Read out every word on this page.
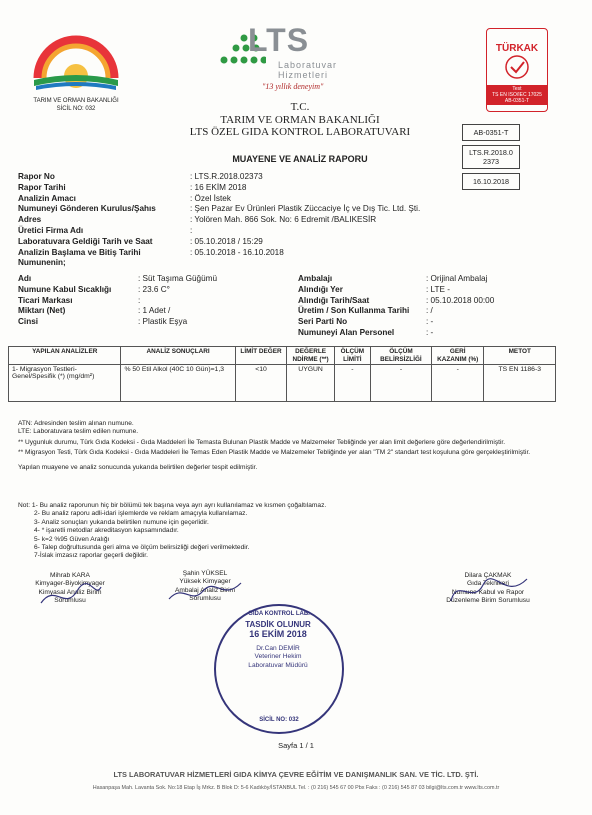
TARIM VE ORMAN BAKANLIĞI
SİCİL NO: 032
LTS
Laboratuvar
Hizmetleri
"13 yıllık deneyim"
TÜRKAK
Test
TS EN ISO/IEC 17025
AB-0351-T
T.C.
TARIM VE ORMAN BAKANLIĞI
LTS ÖZEL GIDA KONTROL LABORATUVARI
MUAYENE VE ANALİZ RAPORU
AB-0351-T
LTS.R.2018.0
2373
16.10.2018
Rapor No	: LTS.R.2018.02373
Rapor Tarihi	: 16 EKİM 2018
Analizin Amacı	: Özel İstek
Numuneyi Gönderen Kurulus/Şahıs	: Şen Pazar Ev Ürünleri Plastik Züccaciye İç ve Dış Tic. Ltd. Şti.
Adres	: Yolören Mah. 866 Sok. No: 6 Edremit /BALIKESİR
Üretici Firma Adı	:
Laboratuvara Geldiği Tarih ve Saat	: 05.10.2018 / 15:29
Analizin Başlama ve Bitiş Tarihi	: 05.10.2018 - 16.10.2018
Numunenin;	
Adı	: Süt Taşıma Güğümü

Numune Kabul Sıcaklığı	: 23.6 C°
Ticari Markası	:
Miktarı (Net)	: 1 Adet /
Cinsi	: Plastik Eşya
Ambalajı	: Orijinal Ambalaj
Alındığı Yer	: LTE -
Alındığı Tarih/Saat	: 05.10.2018 00:00

Üretim / Son Kullanma Tarihi	: /
Seri Parti No	: -
Numuneyi Alan Personel	: -
YAPILAN ANALİZLER	ANALİZ SONUÇLARI	LİMİT DEĞER	DEĞERLE NDİRME (**)	ÖLÇÜM LİMİTİ	ÖLÇÜM BELİRSİZLİĞİ	GERİ KAZANIM (%)	METOT
1- Migrasyon Testleri-Genel/Spesifik (*) (mg/dm²)	% 50 Etil Alkol (40C 10 Gün)=1,3	<10	UYGUN	-	-	-	TS EN 1186-3
ATN: Adresinden teslim alınan numune.
LTE: Laboratuvara teslim edilen numune.
** Uygunluk durumu, Türk Gıda Kodeksi - Gıda Maddeleri İle Temasta Bulunan Plastik Madde ve Malzemeler Tebliğinde yer alan limit değerlere göre değerlendirilmiştir.
** Migrasyon Testi, Türk Gıda Kodeksi - Gıda Maddeleri İle Temas Eden Plastik Madde ve Malzemeler Tebliğinde yer alan "TM 2" standart test koşuluna göre gerçekleştirilmiştir.
Yapılan muayene ve analiz sonucunda yukarıda belirtilen değerler tespit edilmiştir.
Not: 1- Bu analiz raporunun hiç bir bölümü tek başına veya ayrı ayrı kullanılamaz ve kısmen çoğaltılamaz.
2- Bu analiz raporu adli-idari işlemlerde ve reklam amaçıyla kullanılamaz.
3- Analiz sonuçları yukarıda belirtilen numune için geçerlidir.
4- * işaretli metodlar akreditasyon kapsamındadır.
5- k=2 %95 Güven Aralığı
6- Talep doğrultusunda geri alma ve ölçüm belirsizliği değeri verilmektedir.
7-İslak imzasız raporlar geçerli değildir.
Mihrab KARA
Kimyager-Biyokimyager
Kimyasal Analiz Birim
Sorumlusu
Şahin YÜKSEL
Yüksek Kimyager
Ambalaj Analiz Birim
Sorumlusu
Dilara ÇAKMAK
Gıda Teknikeri
Numune Kabul ve Rapor
Düzenleme Birim Sorumlusu
GIDA KONTROL LAB.
SİCİL NO: 032
TASDİK OLUNUR
16 EKİM 2018
Dr.Can DEMİR
Veteriner Hekim
Laboratuvar Müdürü
Sayfa 1 / 1
LTS LABORATUVAR HİZMETLERİ GIDA KİMYA ÇEVRE EĞİTİM VE DANIŞMANLIK SAN. VE TİC. LTD. ŞTİ.
Hasanpaşa Mah. Lavanta Sok. No:18 Etap İş Mrkz. B Blok D: 5-6 Kadıköy/İSTANBUL Tel. : (0 216) 545 67 00 Pbx Faks : (0 216) 545 87 03 bilgi@lts.com.tr www.lts.com.tr
